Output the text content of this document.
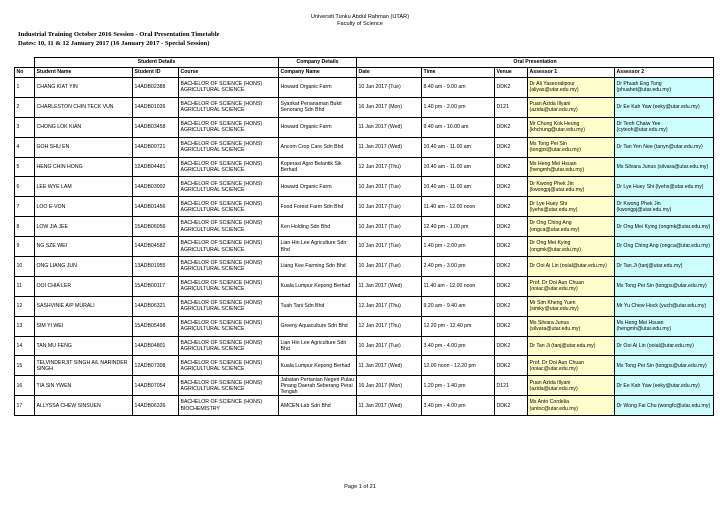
Universiti Tunku Abdul Rahman (UTAR)
Faculty of Science
Industrial Training October 2016 Session - Oral Presentation Timetable
Dates: 10, 11 & 12 January 2017 (16 January 2017 - Special Session)
	Student Details			Company Details	Oral Presentation				
No	Student Name	Student ID	Course	Company Name	Date	Time	Venue	Assessor 1	Assessor 2
1	CHANG KIAT YIN	14ADB02388	BACHELOR OF SCIENCE (HONS) AGRICULTURAL SCIENCE	Howard Organic Farm	10 Jan 2017 (Tue)	8.40 am - 9.00 am	DDK2	Dr Ali Yaseoralipour (aliyas@utar.edu.my)	Dr Phuah Eng Tong (phuahet@utar.edu.my)
2	CHARLESTON CHIN TECK VUN	14ADB01026	BACHELOR OF SCIENCE (HONS) AGRICULTURAL SCIENCE	Syarikat Penanaman Bukit Senorang Sdn Bhd	16 Jan 2017 (Mon)	1.40 pm - 2.00 pm	D121	Puan Azida Illyani (azida@utar.edu.my)	Dr Ee Kah Yaw (eeky@utar.edu.my)
3	CHONG LOK KIAN	14ADB03458	BACHELOR OF SCIENCE (HONS) AGRICULTURAL SCIENCE	Howard Organic Farm	11 Jan 2017 (Wed)	9.40 am - 10.00 am	DDK2	Mr Chung Kok Heung (khchung@utar.edu.my)	Dr Teoh Chaiw Yee (cyteoh@utar.edu.my)
4	GOH SHU EN	14ADB00721	BACHELOR OF SCIENCE (HONS) AGRICULTURAL SCIENCE	Ancom Crop Care Sdn Bhd	11 Jan 2017 (Wed)	10.40 am - 11.00 am	DDK2	Ms Tong Pei Sin (tongps@utar.edu.my)	Dr Tan Yen Nee (tanyn@utar.edu.my)
5	HENG CHIN HONG	12ADB04481	BACHELOR OF SCIENCE (HONS) AGRICULTURAL SCIENCE	Koperasi Agro Belantik Sik Berhad	12 Jan 2017 (Thu)	10.40 am - 11.00 am	DDK2	Ms Heng Mei Hsuan (hengmh@utar.edu.my)	Ms Silvara Junus (silvara@utar.edu.my)
6	LEE WYE LAM	14ADB03002	BACHELOR OF SCIENCE (HONS) AGRICULTURAL SCIENCE	Howard Organic Farm	10 Jan 2017 (Tue)	10.40 am - 11.00 am	DDK2	Dr Kwong Phek Jin (kwongpj@utar.edu.my)	Dr Lye Huey Shi (lyehs@utar.edu.my)
7	LOO E-VON	14ADB01456	BACHELOR OF SCIENCE (HONS) AGRICULTURAL SCIENCE	Food Forest Farm Sdn Bhd	10 Jan 2017 (Tue)	11.40 am - 12.00 noon	DDK2	Dr Lye Huey Shi (lyehs@utar.edu.my)	Dr Kwong Phek Jin (kwongpj@utar.edu.my)
8	LOW JIA JEE	15ADB06056	BACHELOR OF SCIENCE (HONS) AGRICULTURAL SCIENCE	Ken Holding Sdn Bhd	10 Jan 2017 (Tue)	12.40 pm - 1.00 pm	DDK2	Dr Ong Ching Ang (ongca@utar.edu.my)	Dr Ong Mei Kying (ongmk@utar.edu.my)
9	NG SZE WEI	14ADB04582	BACHELOR OF SCIENCE (HONS) AGRICULTURAL SCIENCE	Lian Hin Lee Agriculture Sdn Bhd	10 Jan 2017 (Tue)	1.40 pm - 2.00 pm	DDK2	Dr Ong Mei Kying (ongmk@utar.edu.my)	Dr Ong Ching Ang (ongca@utar.edu.my)
10	ONG LIANG JUN	13ADB01955	BACHELOR OF SCIENCE (HONS) AGRICULTURAL SCIENCE	Liang Kee Farming Sdn Bhd	10 Jan 2017 (Tue)	2.40 pm - 3.00 pm	DDK2	Dr Ooi Ai Lin (ooial@utar.edu.my)	Dr Tan Ji (tanj@utar.edu.my)
11	OOI CHIA LER	15ADB00117	BACHELOR OF SCIENCE (HONS) AGRICULTURAL SCIENCE	Kuala Lumpur Kepong Berhad	11 Jan 2017 (Wed)	11.40 am - 12.00 noon	DDK2	Prof. Dr Ooi Aun Chuan (ooiac@utar.edu.my)	Ms Tong Pei Sin (tongps@utar.edu.my)
12	SASHVINIE A/P MURALI	14ADB06321	BACHELOR OF SCIENCE (HONS) AGRICULTURAL SCIENCE	Tuah Tani Sdn Bhd	12 Jan 2017 (Thu)	9.20 am - 9.40 am	DDK2	Mr Sim Kheng Yuen (simky@utar.edu.my)	Mr Yu Chew Hock (yuch@utar.edu.my)
13	SIM YI WEI	15ADB05498	BACHELOR OF SCIENCE (HONS) AGRICULTURAL SCIENCE	Greeny Aquaculture Sdn Bhd	12 Jan 2017 (Thu)	12.20 pm - 12.40 pm	DDK2	Ms Silvara Junus (silvara@utar.edu.my)	Ms Heng Mei Hsuan (hengmh@utar.edu.my)
14	TAN MU FENG	14ADB04801	BACHELOR OF SCIENCE (HONS) AGRICULTURAL SCIENCE	Lian Hin Lee Agriculture Sdn Bhd	10 Jan 2017 (Tue)	3.40 pm - 4.00 pm	DDK2	Dr Tan Ji (tanj@utar.edu.my)	Dr Ooi Ai Lin (ooial@utar.edu.my)
15	TELVINDERJIT SINGH A/L NARINDER SINGH	12ADB07308	BACHELOR OF SCIENCE (HONS) AGRICULTURAL SCIENCE	Kuala Lumpur Kepong Berhad	11 Jan 2017 (Wed)	12.00 noon - 12.20 pm	DDK2	Prof. Dr Ooi Aun Chuan (ooiac@utar.edu.my)	Ms Tong Pei Sin (tongps@utar.edu.my)
16	TIA SIN YWEN	14ADB07054	BACHELOR OF SCIENCE (HONS) AGRICULTURAL SCIENCE	Jabatan Pertanian Negeri Pulau Pinang Daerah Seberang Perai Tengah	16 Jan 2017 (Mon)	1.20 pm - 1.40 pm	D121	Puan Azida Illyani (azida@utar.edu.my)	Dr Ee Kah Yaw (eeky@utar.edu.my)
17	ALLYSSA CHEW SINSUEN	14ADB06326	BACHELOR OF SCIENCE (HONS) BIOCHEMISTRY	AMCEN Lab Sdn Bhd	11 Jan 2017 (Wed)	3.40 pm - 4.00 pm	DDK2	Ms Anto Cordelia (antoc@utar.edu.my)	Dr Wong Fai Chu (wongfc@utar.edu.my)
Page 1 of 21
